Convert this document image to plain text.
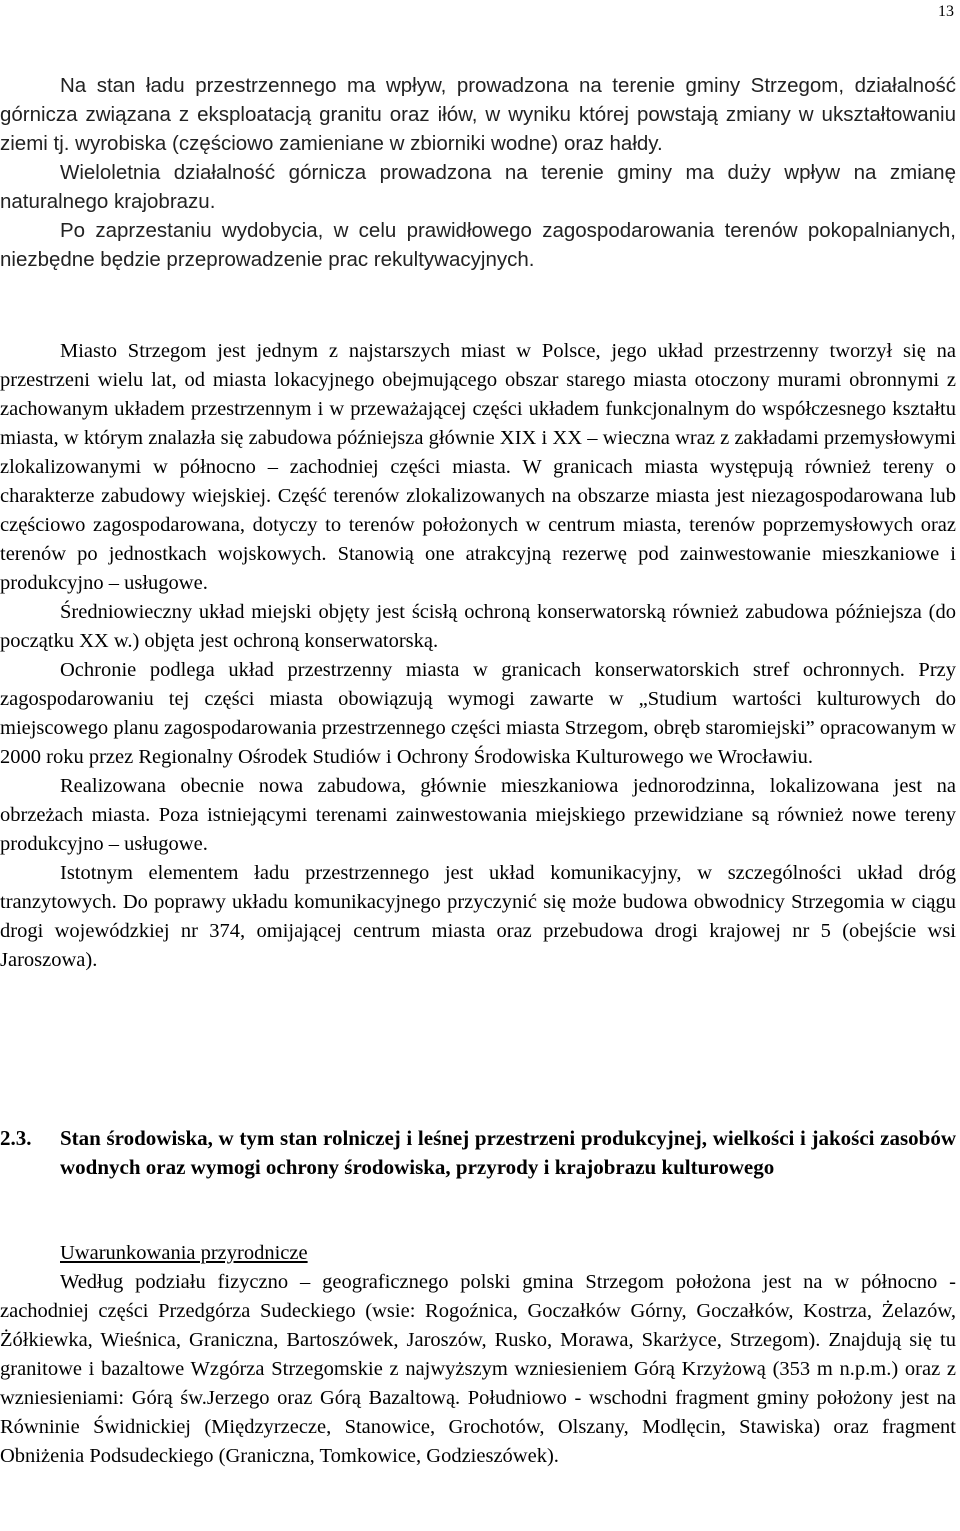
13

Na stan ładu przestrzennego ma wpływ, prowadzona na terenie gminy Strzegom, działalność górnicza związana z eksploatacją granitu oraz iłów, w wyniku której powstają zmiany w ukształtowaniu ziemi tj. wyrobiska (częściowo zamieniane w zbiorniki wodne) oraz hałdy.

Wieloletnia działalność górnicza prowadzona na terenie gminy ma duży wpływ na zmianę naturalnego krajobrazu.

Po zaprzestaniu wydobycia, w celu prawidłowego zagospodarowania terenów pokopalnianych, niezbędne będzie przeprowadzenie prac rekultywacyjnych.

Miasto Strzegom jest jednym z najstarszych miast w Polsce, jego układ przestrzenny tworzył się na przestrzeni wielu lat, od miasta lokacyjnego obejmującego obszar starego miasta otoczony murami obronnymi z zachowanym układem przestrzennym i w przeważającej części układem funkcjonalnym do współczesnego kształtu miasta, w którym znalazła się zabudowa późniejsza głównie XIX i XX – wieczna wraz z zakładami przemysłowymi zlokalizowanymi w północno – zachodniej części miasta. W granicach miasta występują również tereny o charakterze zabudowy wiejskiej. Część terenów zlokalizowanych na obszarze miasta jest niezagospodarowana lub częściowo zagospodarowana, dotyczy to terenów położonych w centrum miasta, terenów poprzemysłowych oraz terenów po jednostkach wojskowych. Stanowią one atrakcyjną rezerwę pod zainwestowanie mieszkaniowe i produkcyjno – usługowe.

Średniowieczny układ miejski objęty jest ścisłą ochroną konserwatorską również zabudowa późniejsza (do początku XX w.) objęta jest ochroną konserwatorską.

Ochronie podlega układ przestrzenny miasta w granicach konserwatorskich stref ochronnych. Przy zagospodarowaniu tej części miasta obowiązują wymogi zawarte w „Studium wartości kulturowych do miejscowego planu zagospodarowania przestrzennego części miasta Strzegom, obręb staromiejski” opracowanym w 2000 roku przez Regionalny Ośrodek Studiów i Ochrony Środowiska Kulturowego we Wrocławiu.

Realizowana obecnie nowa zabudowa, głównie mieszkaniowa jednorodzinna, lokalizowana jest na obrzeżach miasta. Poza istniejącymi terenami zainwestowania miejskiego przewidziane są również nowe tereny produkcyjno – usługowe.

Istotnym elementem ładu przestrzennego jest układ komunikacyjny, w szczególności układ dróg tranzytowych. Do poprawy układu komunikacyjnego przyczynić się może budowa obwodnicy Strzegomia w ciągu drogi wojewódzkiej nr 374, omijającej centrum miasta oraz przebudowa drogi krajowej nr 5 (obejście wsi Jaroszowa).

2.3.	Stan środowiska, w tym stan rolniczej i leśnej przestrzeni produkcyjnej, wielkości i jakości zasobów wodnych oraz wymogi ochrony środowiska, przyrody i krajobrazu kulturowego

Uwarunkowania przyrodnicze

Według podziału fizyczno – geograficznego polski gmina Strzegom położona jest na w północno - zachodniej części Przedgórza Sudeckiego (wsie: Rogoźnica, Goczałków Górny, Goczałków, Kostrza, Żelazów, Żółkiewka, Wieśnica, Graniczna, Bartoszówek, Jaroszów, Rusko, Morawa, Skarżyce, Strzegom). Znajdują się tu granitowe i bazaltowe Wzgórza Strzegomskie z najwyższym wzniesieniem Górą Krzyżową (353 m n.p.m.) oraz z wzniesieniami: Górą św.Jerzego oraz Górą Bazaltową. Południowo - wschodni fragment gminy położony jest na Równinie Świdnickiej (Międzyrzecze, Stanowice, Grochotów, Olszany, Modlęcin, Stawiska) oraz fragment Obniżenia Podsudeckiego (Graniczna, Tomkowice, Godzieszówek).
